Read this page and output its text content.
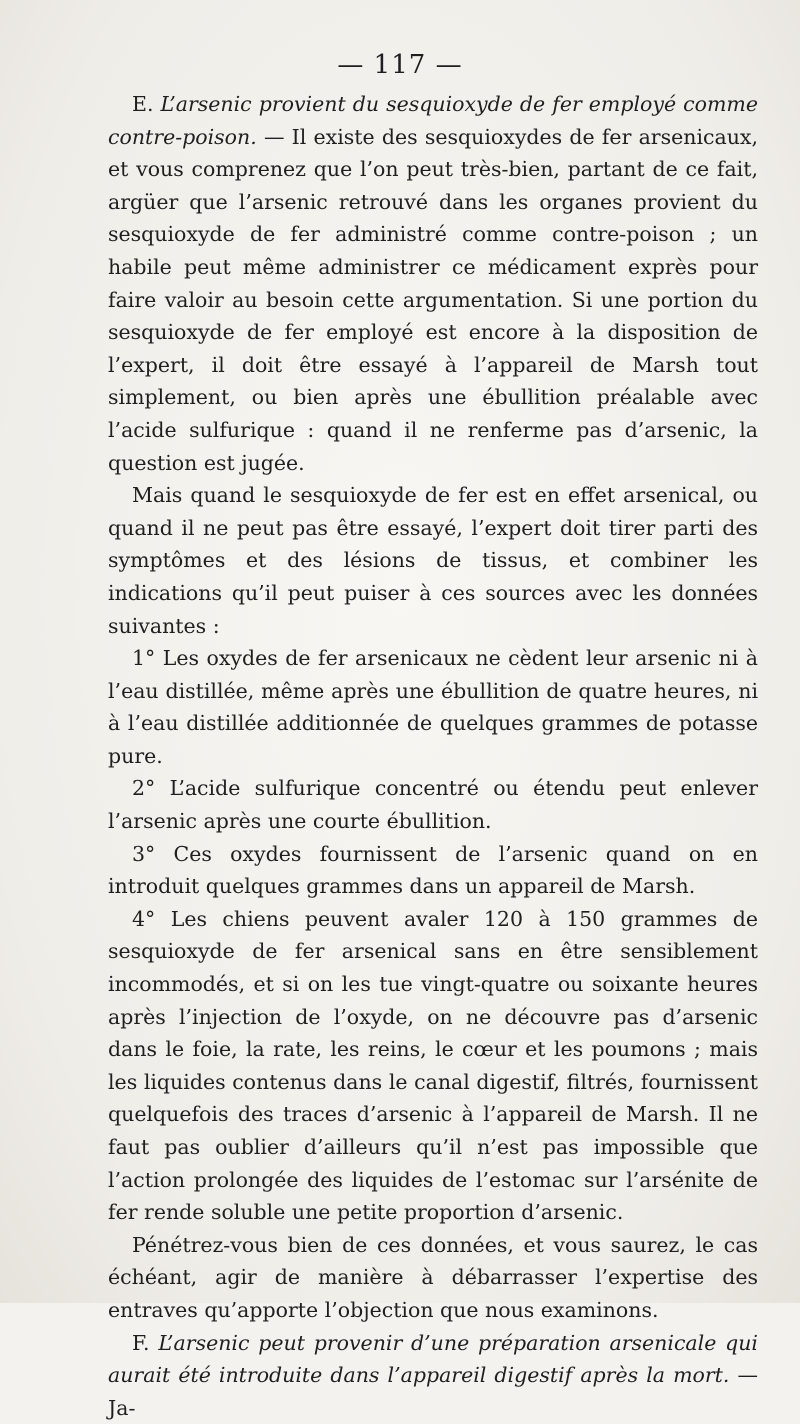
— 117 —

E. L’arsenic provient du sesquioxyde de fer employé comme contre-poison. — Il existe des sesquioxydes de fer arsenicaux, et vous comprenez que l’on peut très-bien, partant de ce fait, argüer que l’arsenic retrouvé dans les organes provient du sesquioxyde de fer administré comme contre-poison ; un habile peut même administrer ce médicament exprès pour faire valoir au besoin cette argumentation. Si une portion du sesquioxyde de fer employé est encore à la disposition de l’expert, il doit être essayé à l’appareil de Marsh tout simplement, ou bien après une ébullition préalable avec l’acide sulfurique : quand il ne renferme pas d’arsenic, la question est jugée.

Mais quand le sesquioxyde de fer est en effet arsenical, ou quand il ne peut pas être essayé, l’expert doit tirer parti des symptômes et des lésions de tissus, et combiner les indications qu’il peut puiser à ces sources avec les données suivantes :

1° Les oxydes de fer arsenicaux ne cèdent leur arsenic ni à l’eau distillée, même après une ébullition de quatre heures, ni à l’eau distillée additionnée de quelques grammes de potasse pure.

2° L’acide sulfurique concentré ou étendu peut enlever l’arsenic après une courte ébullition.

3° Ces oxydes fournissent de l’arsenic quand on en introduit quelques grammes dans un appareil de Marsh.

4° Les chiens peuvent avaler 120 à 150 grammes de sesquioxyde de fer arsenical sans en être sensiblement incommodés, et si on les tue vingt-quatre ou soixante heures après l’injection de l’oxyde, on ne découvre pas d’arsenic dans le foie, la rate, les reins, le cœur et les poumons ; mais les liquides contenus dans le canal digestif, filtrés, fournissent quelquefois des traces d’arsenic à l’appareil de Marsh. Il ne faut pas oublier d’ailleurs qu’il n’est pas impossible que l’action prolongée des liquides de l’estomac sur l’arsénite de fer rende soluble une petite proportion d’arsenic.

Pénétrez-vous bien de ces données, et vous saurez, le cas échéant, agir de manière à débarrasser l’expertise des entraves qu’apporte l’objection que nous examinons.

F. L’arsenic peut provenir d’une préparation arsenicale qui aurait été introduite dans l’appareil digestif après la mort. — Ja-
